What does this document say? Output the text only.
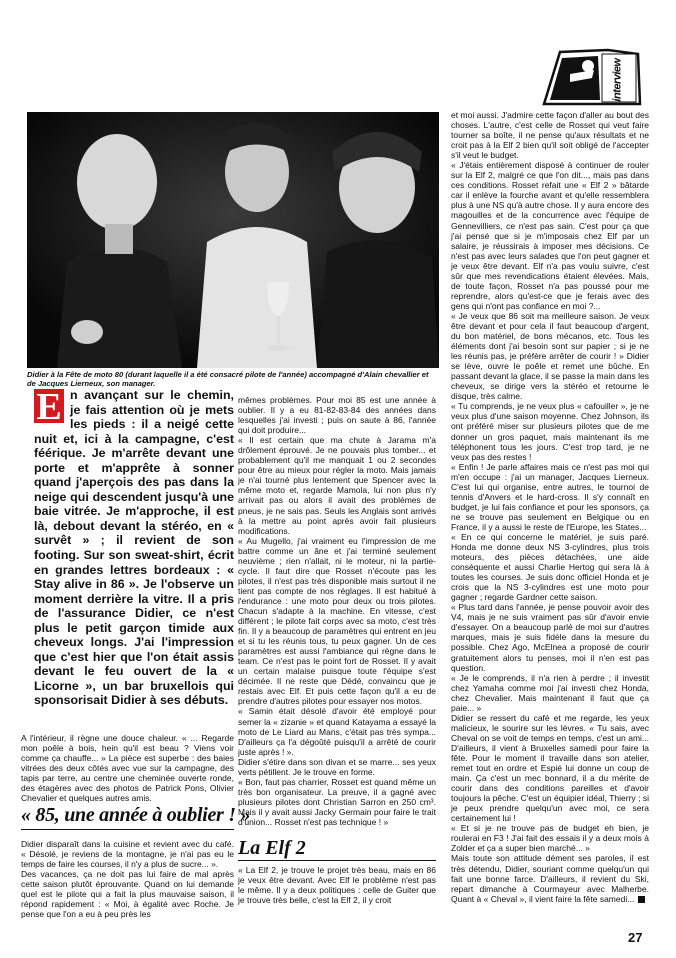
interview
Didier à la Fête de moto 80 (durant laquelle il a été consacré pilote de l'année) accompagné d'Alain chevallier et de Jacques Lierneux, son manager.
E n avançant sur le chemin, je fais attention où je mets les pieds : il a neigé cette nuit et, ici à la campagne, c'est féérique. Je m'arrête devant une porte et m'apprête à sonner quand j'aperçois des pas dans la neige qui descendent jusqu'à une baie vitrée. Je m'approche, il est là, debout devant la stéréo, en « survêt » ; il revient de son footing. Sur son sweat-shirt, écrit en grandes lettres bordeaux : « Stay alive in 86 ». Je l'observe un moment derrière la vitre. Il a pris de l'assurance Didier, ce n'est plus le petit garçon timide aux cheveux longs. J'ai l'impression que c'est hier que l'on était assis devant le feu ouvert de la « Licorne », un bar bruxellois qui sponsorisait Didier à ses débuts.

A l'intérieur, il règne une douce chaleur. « ... Regarde mon poêle à bois, hein qu'il est beau ? Viens voir comme ça chauffe... » La pièce est superbe : des baies vitrées des deux côtés avec vue sur la campagne, des tapis par terre, au centre une cheminée ouverte ronde, des étagères avec des photos de Patrick Pons, Olivier Chevalier et quelques autres amis.

« 85, une année à oublier ! »

Didier disparaît dans la cuisine et revient avec du café. « Désolé, je reviens de la montagne, je n'ai pas eu le temps de faire les courses, il n'y a plus de sucre... ».

Des vacances, ça ne doit pas lui faire de mal après cette saison plutôt éprouvante. Quand on lui demande quel est le pilote qui a fait la plus mauvaise saison, il répond rapidement : « Moi, à égalité avec Roche. Je pense que l'on a eu à peu près les

mêmes problèmes. Pour moi 85 est une année à oublier. Il y a eu 81-82-83-84 des années dans lesquelles j'ai investi ; puis on saute à 86, l'année qui doit produire...

« Il est certain que ma chute à Jarama m'a drôlement éprouvé. Je ne pouvais plus tomber... et probablement qu'il me manquait 1 ou 2 secondes pour être au mieux pour régler la moto. Mais jamais je n'ai tourné plus lentement que Spencer avec la même moto et, regarde Mamola, lui non plus n'y arrivait pas ou alors il avait des problèmes de pneus, je ne sais pas. Seuls les Anglais sont arrivés à la mettre au point après avoir fait plusieurs modifications.

« Au Mugello, j'ai vraiment eu l'impression de me battre comme un âne et j'ai terminé seulement neuvième ; rien n'allait, ni le moteur, ni la partie-cycle. Il faut dire que Rosset n'écoute pas les pilotes, il n'est pas très disponible mais surtout il ne tient pas compte de nos réglages. Il est habitué à l'endurance : une moto pour deux ou trois pilotes. Chacun s'adapte à la machine. En vitesse, c'est différent ; le pilote fait corps avec sa moto, c'est très fin. Il y a beaucoup de paramètres qui entrent en jeu et si tu les réunis tous, tu peux gagner. Un de ces paramètres est aussi l'ambiance qui règne dans le team. Ce n'est pas le point fort de Rosset. Il y avait un certain malaise puisque toute l'équipe s'est décimée. Il ne reste que Dédé, convaincu que je restais avec Elf. Et puis cette façon qu'il a eu de prendre d'autres pilotes pour essayer nos motos.

« Samin était désolé d'avoir été employé pour semer la « zizanie » et quand Katayama a essayé la moto de Le Liard au Mans, c'était pas très sympa... D'ailleurs ça l'a dégoûté puisqu'il a arrêté de courir juste après ! ».

Didier s'étire dans son divan et se marre... ses yeux verts pétillent. Je le trouve en forme.

« Bon, faut pas charrier, Rosset est quand même un très bon organisateur. La preuve, il a gagné avec plusieurs pilotes dont Christian Sarron en 250 cm³. Mais il y avait aussi Jacky Germain pour faire le trait d'union... Rosset n'est pas technique ! »

La Elf 2

« La Elf 2, je trouve le projet très beau, mais en 86 je veux être devant. Avec Elf le problème n'est pas le même. Il y a deux politiques : celle de Guiter que je trouve très belle, c'est la Elf 2, il y croit

et moi aussi. J'admire cette façon d'aller au bout des choses. L'autre, c'est celle de Rosset qui veut faire tourner sa boîte, il ne pense qu'aux résultats et ne croit pas à la Elf 2 bien qu'il soit obligé de l'accepter s'il veut le budget.

« J'étais entièrement disposé à continuer de rouler sur la Elf 2, malgré ce que l'on dit..., mais pas dans ces conditions. Rosset refait une « Elf 2 » bâtarde car il enlève la fourche avant et qu'elle ressemblera plus à une NS qu'à autre chose. Il y aura encore des magouilles et de la concurrence avec l'équipe de Gennevilliers, ce n'est pas sain. C'est pour ça que j'ai pensé que si je m'imposais chez Elf par un salaire, je réussirais à imposer mes décisions. Ce n'est pas avec leurs salades que l'on peut gagner et je veux être devant. Elf n'a pas voulu suivre, c'est sûr que mes revendications étaient élevées. Mais, de toute façon, Rosset n'a pas poussé pour me reprendre, alors qu'est-ce que je ferais avec des gens qui n'ont pas confiance en moi ?...

« Je veux que 86 soit ma meilleure saison. Je veux être devant et pour cela il faut beaucoup d'argent, du bon matériel, de bons mécanos, etc. Tous les éléments dont j'ai besoin sont sur papier ; si je ne les réunis pas, je préfère arrêter de courir ! » Didier se lève, ouvre le poêle et remet une bûche. En passant devant la glace, il se passe la main dans les cheveux, se dirige vers la stéréo et retourne le disque, très calme.

« Tu comprends, je ne veux plus « cafouiller », je ne veux plus d'une saison moyenne. Chez Johnson, ils ont préféré miser sur plusieurs pilotes que de me donner un gros paquet, mais maintenant ils me téléphonent tous les jours. C'est trop tard, je ne veux pas des restes !

« Enfin ! Je parle affaires mais ce n'est pas moi qui m'en occupe : j'ai un manager, Jacques Lierneux. C'est lui qui organise, entre autres, le tournoi de tennis d'Anvers et le hard-cross. Il s'y connaît en budget, je lui fais confiance et pour les sponsors, ça ne se trouve pas seulement en Belgique ou en France, il y a aussi le reste de l'Europe, les States...

« En ce qui concerne le matériel, je suis paré. Honda me donne deux NS 3-cylindres, plus trois moteurs, des pièces détachées, une aide conséquente et aussi Charlie Hertog qui sera là à toutes les courses. Je suis donc officiel Honda et je crois que la NS 3-cylindres est une moto pour gagner ; regarde Gardner cette saison.

« Plus tard dans l'année, je pense pouvoir avoir des V4, mais je ne suis vraiment pas sûr d'avoir envie d'essayer. On a beaucoup parlé de moi sur d'autres marques, mais je suis fidèle dans la mesure du possible. Chez Ago, McElnea a proposé de courir gratuitement alors tu penses, moi il n'en est pas question.

« Je le comprends, il n'a rien à perdre ; il investit chez Yamaha comme moi j'ai investi chez Honda, chez Chevalier. Mais maintenant il faut que ça paie... »

Didier se ressert du café et me regarde, les yeux malicieux, le sourire sur les lèvres. « Tu sais, avec Cheval on se voit de temps en temps, c'est un ami... D'ailleurs, il vient à Bruxelles samedi pour faire la fête. Pour le moment il travaille dans son atelier, remet tout en ordre et Espié lui donne un coup de main. Ça c'est un mec bonnard, il a du mérite de courir dans des conditions pareilles et d'avoir toujours la pêche. C'est un équipier idéal, Thierry ; si je peux prendre quelqu'un avec moi, ce sera certainement lui !

« Et si je ne trouve pas de budget eh bien, je roulerai en F3 ! J'ai fait des essais il y a deux mois à Zolder et ça a super bien marché... »

Mais toute son attitude dément ses paroles, il est très détendu, Didier, souriant comme quelqu'un qui fait une bonne farce. D'ailleurs, il revient du Ski, repart dimanche à Courmayeur avec Malherbe. Quant à « Cheval », il vient faire la fête samedi...

27
